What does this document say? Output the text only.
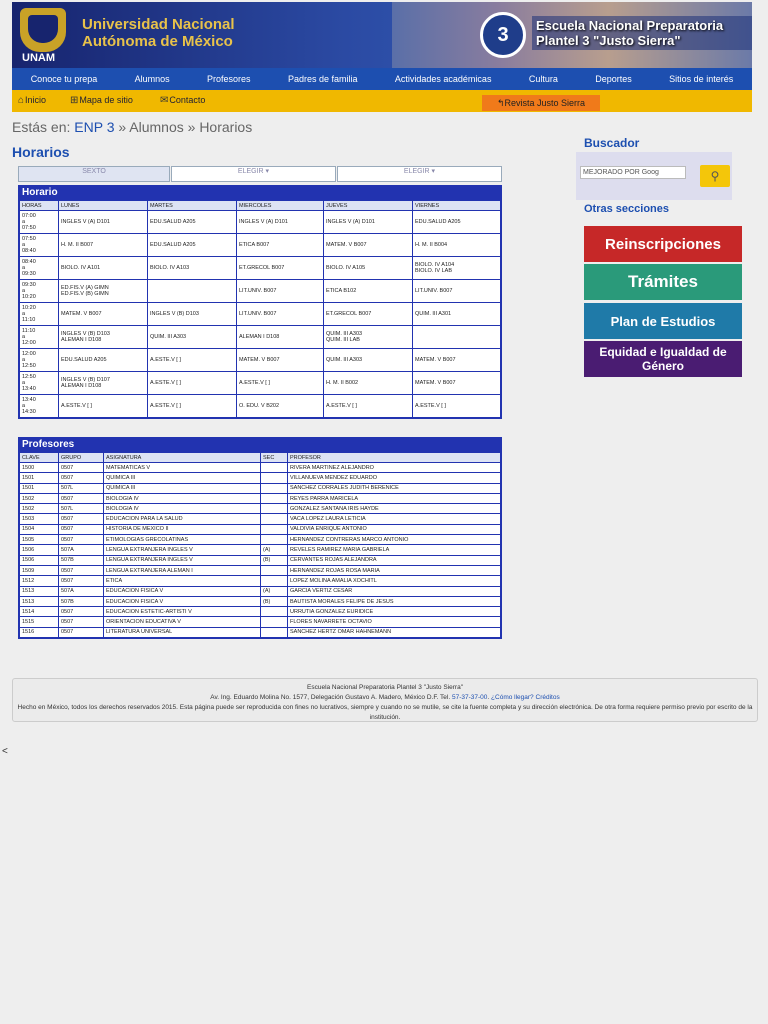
UNAM
Universidad Nacional
Autónoma de México	3	Escuela Nacional Preparatoria
Plantel 3 "Justo Sierra"
Conoce tu prepa	Alumnos	Profesores	Padres de familia	Actividades académicas	Cultura	Deportes	Sitios de interés
⌂Inicio ⊞Mapa de sitio	✉Contacto	↰Revista Justo Sierra
Estás en: ENP 3 » Alumnos » Horarios
Horarios
SEXTO	ELEGIR ▾	ELEGIR ▾
Horario
HORAS	LUNES	MARTES	MIERCOLES	JUEVES	VIERNES
07:00
a
07:50	INGLES V (A) D101	EDU.SALUD A205	INGLES V (A) D101	INGLES V (A) D101	EDU.SALUD A205
07:50
a
08:40	H. M. II B007	EDU.SALUD A205	ETICA B007	MATEM. V B007	H. M. II B004
08:40
a
09:30	BIOLO. IV A101	BIOLO. IV A103	ET.GRECOL B007	BIOLO. IV A105	BIOLO. IV A104
BIOLO. IV LAB
09:30
a
10:20	ED.FIS.V (A) GIMN
ED.FIS.V (B) GIMN		LIT.UNIV. B007	ETICA B102	LIT.UNIV. B007
10:20
a
11:10	MATEM. V B007	INGLES V (B) D103	LIT.UNIV. B007	ET.GRECOL B007	QUIM. III A301
11:10
a
12:00	INGLES V (B) D103
ALEMAN I D108	QUIM. III A303	ALEMAN I D108	QUIM. III A303
QUIM. III LAB	
12:00
a
12:50	EDU.SALUD A205	A.ESTE.V [ ]	MATEM. V B007	QUIM. III A303	MATEM. V B007
12:50
a
13:40	INGLES V (B) D107
ALEMAN I D108	A.ESTE.V [ ]	A.ESTE.V [ ]	H. M. II B002	MATEM. V B007
13:40
a
14:30	A.ESTE.V [ ]	A.ESTE.V [ ]	O. EDU. V B202	A.ESTE.V [ ]	A.ESTE.V [ ]
Profesores
CLAVE	GRUPO	ASIGNATURA	SEC	PROFESOR
1500	0507	MATEMATICAS V		RIVERA MARTINEZ ALEJANDRO
1501	0507	QUIMICA III		VILLANUEVA MENDEZ EDUARDO
1501	507L	QUIMICA III		SANCHEZ CORRALES JUDITH BERENICE
1502	0507	BIOLOGIA IV		REYES PARRA MARICELA
1502	507L	BIOLOGIA IV		GONZALEZ SANTANA IRIS HAYDE
1503	0507	EDUCACION PARA LA SALUD		VACA LOPEZ LAURA LETICIA
1504	0507	HISTORIA DE MEXICO II		VALDIVIA ENRIQUE ANTONIO
1505	0507	ETIMOLOGIAS GRECOLATINAS		HERNANDEZ CONTRERAS MARCO ANTONIO
1506	507A	LENGUA EXTRANJERA INGLES V	(A)	REVELES RAMIREZ MARIA GABRIELA
1506	507B	LENGUA EXTRANJERA INGLES V	(B)	CERVANTES ROJAS ALEJANDRA
1509	0507	LENGUA EXTRANJERA ALEMAN I		HERNANDEZ ROJAS ROSA MARIA
1512	0507	ETICA		LOPEZ MOLINA AMALIA XOCHITL
1513	507A	EDUCACION FISICA V	(A)	GARCIA VERTIZ CESAR
1513	507B	EDUCACION FISICA V	(B)	BAUTISTA MORALES FELIPE DE JESUS
1514	0507	EDUCACION ESTETIC-ARTISTI V		URRUTIA GONZALEZ EURIDICE
1515	0507	ORIENTACION EDUCATIVA V		FLORES NAVARRETE OCTAVIO
1516	0507	LITERATURA UNIVERSAL		SANCHEZ HERTZ OMAR HAHNEMANN
Buscador
MEJORADO POR Goog	⚲
Otras secciones
Reinscripciones
Trámites
Plan de Estudios
Equidad e Igualdad de Género
Escuela Nacional Preparatoria Plantel 3 "Justo Sierra"
Av. Ing. Eduardo Molina No. 1577, Delegación Gustavo A. Madero, México D.F. Tel. 57-37-37-00. ¿Cómo llegar? Créditos
Hecho en México, todos los derechos reservados 2015. Esta página puede ser reproducida con fines no lucrativos, siempre y cuando no se mutile, se cite la fuente completa y su dirección electrónica. De otra forma requiere permiso previo por escrito de la institución.
<
